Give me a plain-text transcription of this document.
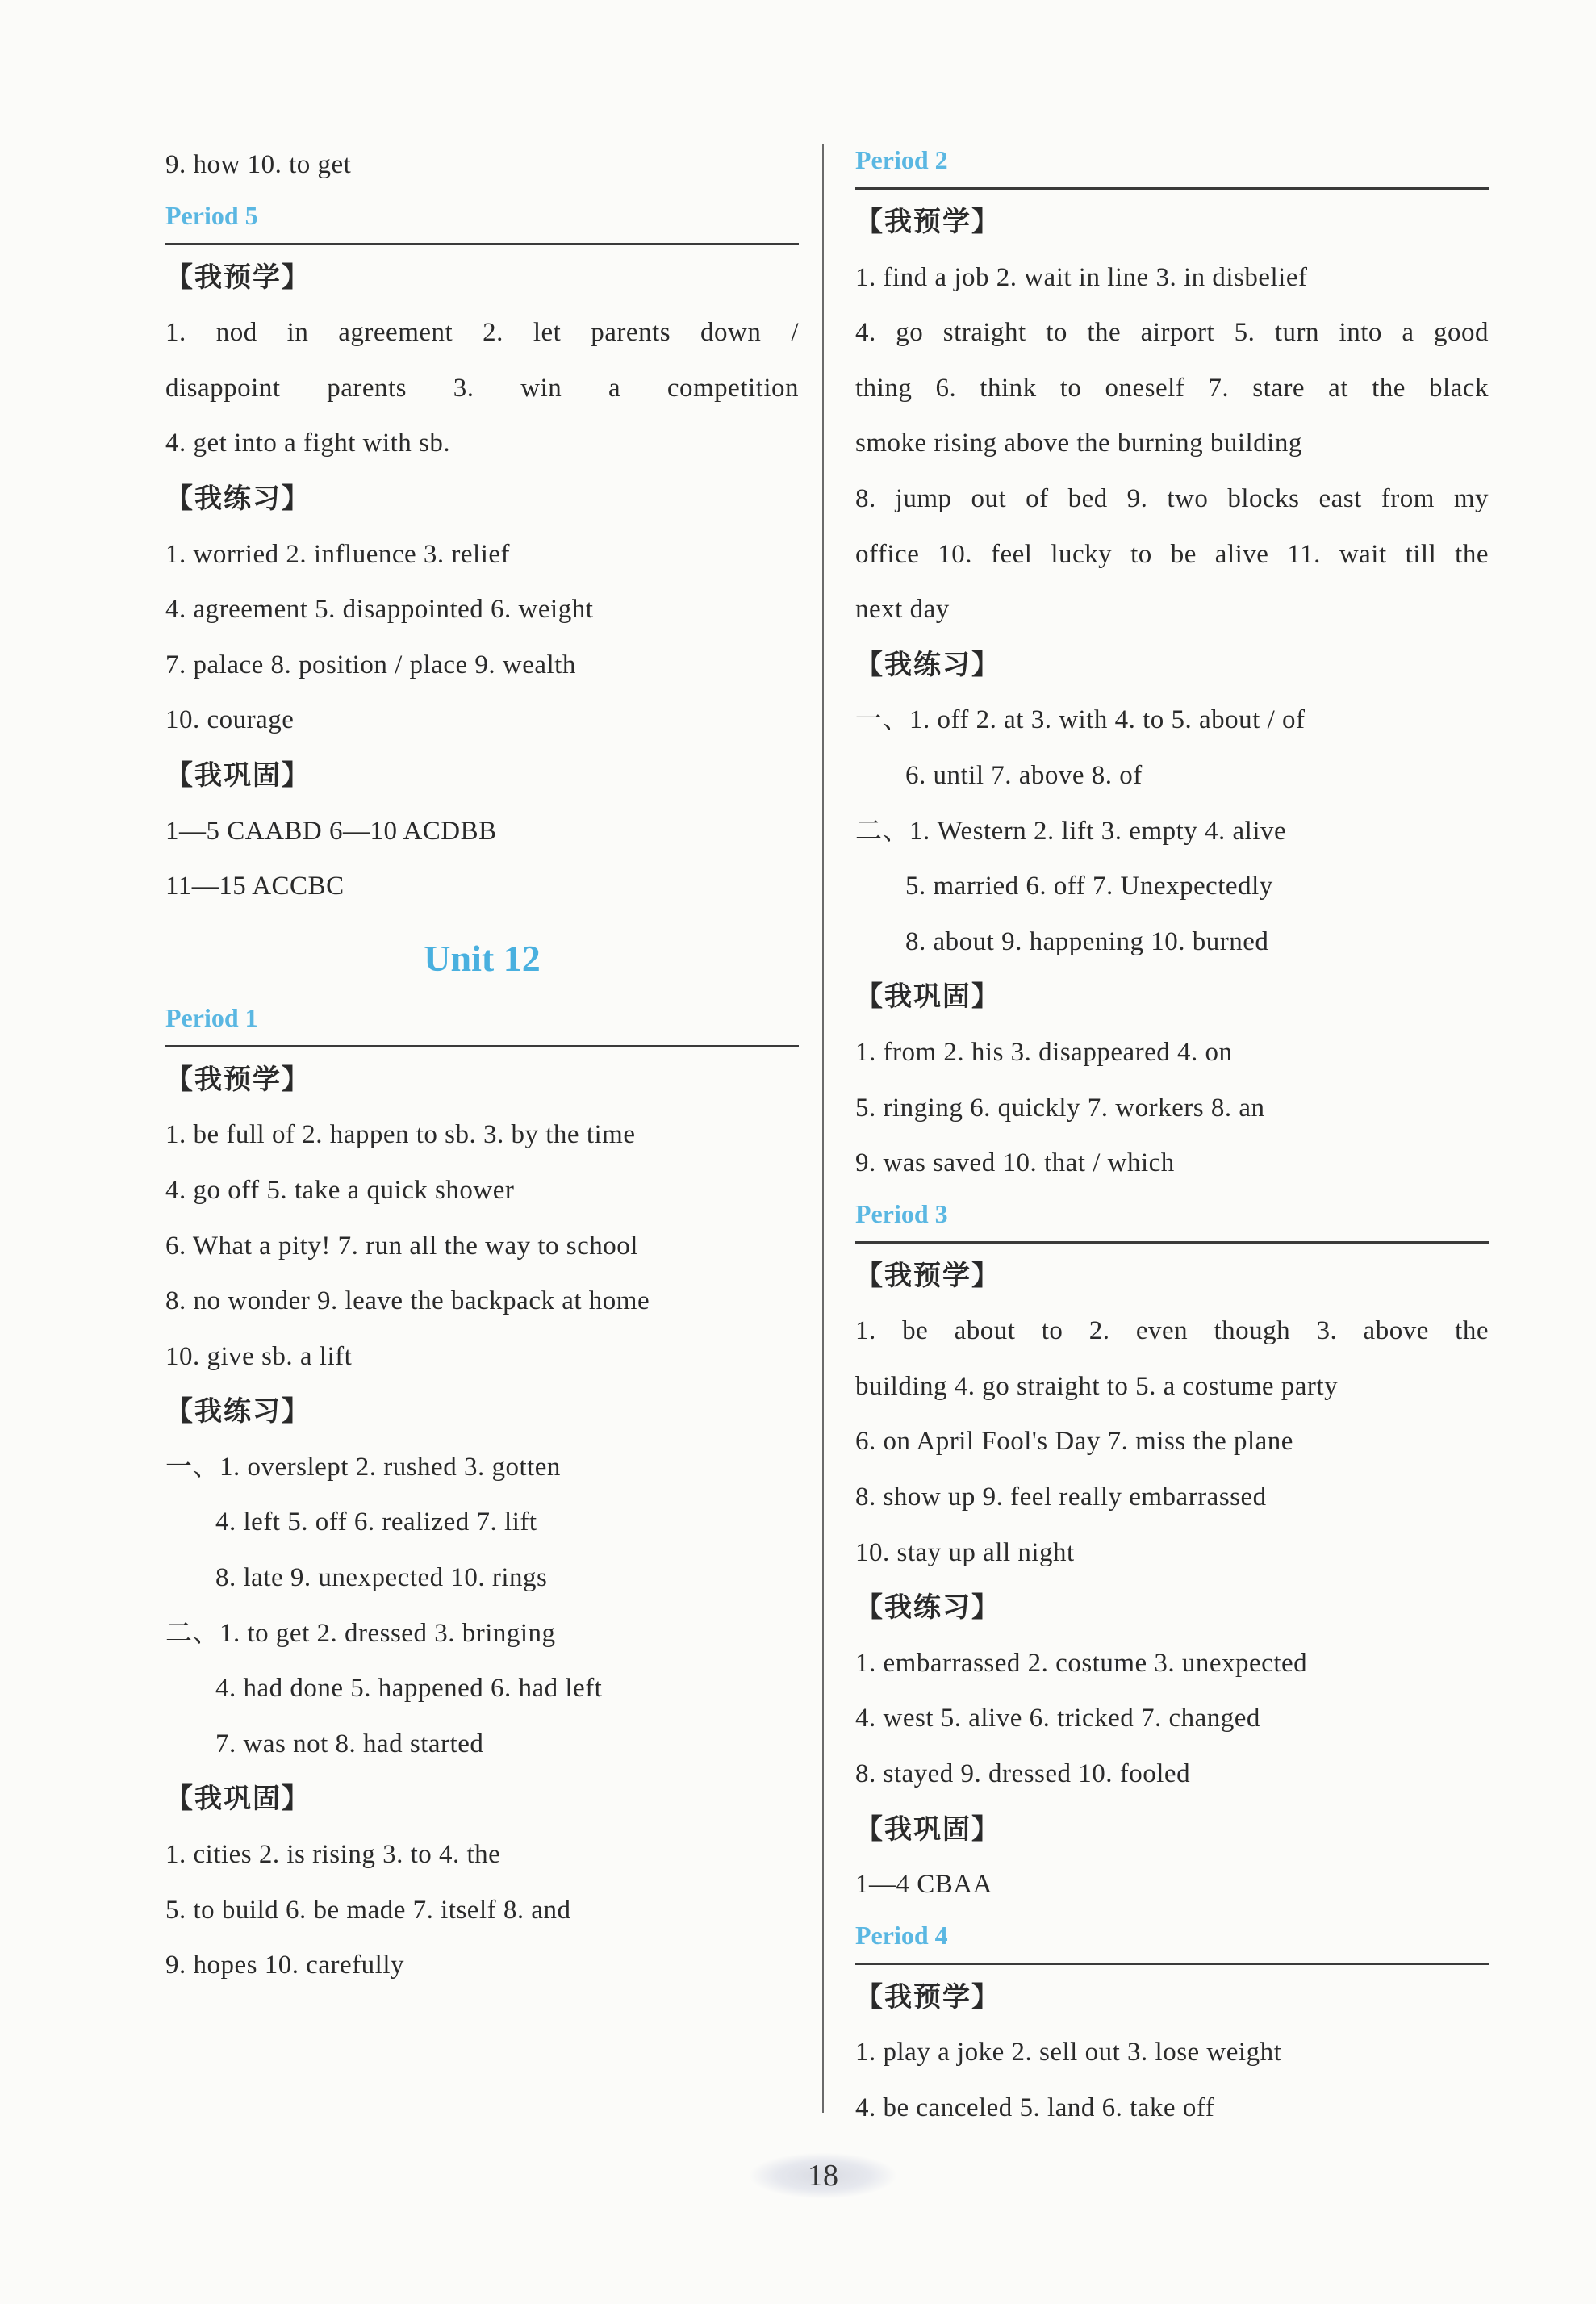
9. how 10. to get
Period 5
【我预学】
1. nod in agreement 2. let parents down /
disappoint parents 3. win a competition
4. get into a fight with sb.
【我练习】
1. worried 2. influence 3. relief
4. agreement 5. disappointed 6. weight
7. palace 8. position / place 9. wealth
10. courage
【我巩固】
1—5 CAABD 6—10 ACDBB
11—15 ACCBC
Unit 12
Period 1
【我预学】
1. be full of 2. happen to sb. 3. by the time
4. go off 5. take a quick shower
6. What a pity! 7. run all the way to school
8. no wonder 9. leave the backpack at home
10. give sb. a lift
【我练习】
一、1. overslept 2. rushed 3. gotten
4. left 5. off 6. realized 7. lift
8. late 9. unexpected 10. rings
二、1. to get 2. dressed 3. bringing
4. had done 5. happened 6. had left
7. was not 8. had started
【我巩固】
1. cities 2. is rising 3. to 4. the
5. to build 6. be made 7. itself 8. and
9. hopes 10. carefully
Period 2
【我预学】
1. find a job 2. wait in line 3. in disbelief
4. go straight to the airport 5. turn into a good
thing 6. think to oneself 7. stare at the black
smoke rising above the burning building
8. jump out of bed 9. two blocks east from my
office 10. feel lucky to be alive 11. wait till the
next day
【我练习】
一、1. off 2. at 3. with 4. to 5. about / of
6. until 7. above 8. of
二、1. Western 2. lift 3. empty 4. alive
5. married 6. off 7. Unexpectedly
8. about 9. happening 10. burned
【我巩固】
1. from 2. his 3. disappeared 4. on
5. ringing 6. quickly 7. workers 8. an
9. was saved 10. that / which
Period 3
【我预学】
1. be about to 2. even though 3. above the
building 4. go straight to 5. a costume party
6. on April Fool's Day 7. miss the plane
8. show up 9. feel really embarrassed
10. stay up all night
【我练习】
1. embarrassed 2. costume 3. unexpected
4. west 5. alive 6. tricked 7. changed
8. stayed 9. dressed 10. fooled
【我巩固】
1—4 CBAA
Period 4
【我预学】
1. play a joke 2. sell out 3. lose weight
4. be canceled 5. land 6. take off
18
